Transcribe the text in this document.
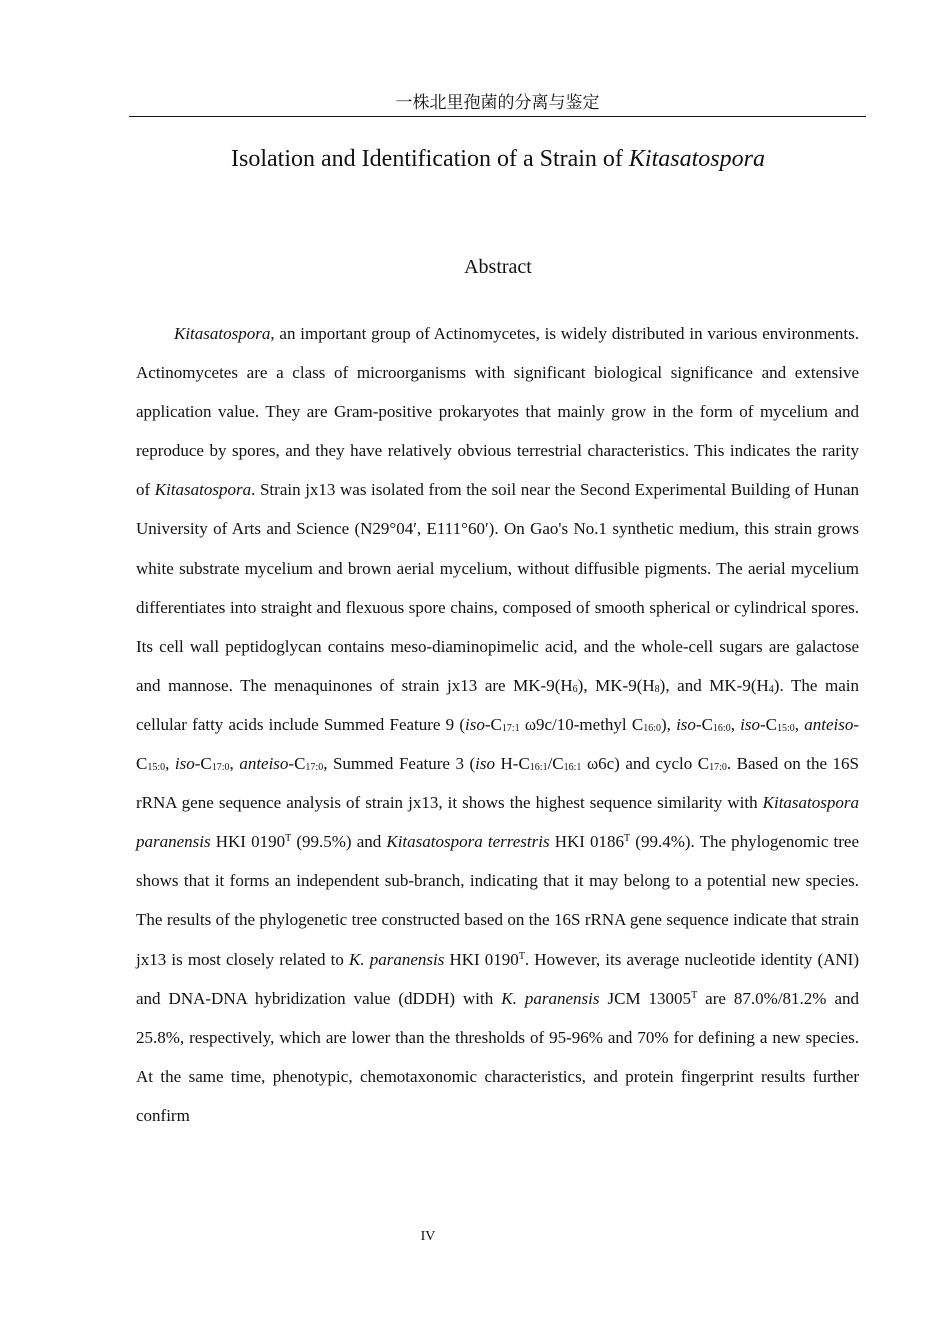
一株北里孢菌的分离与鉴定
Isolation and Identification of a Strain of Kitasatospora
Abstract

Kitasatospora, an important group of Actinomycetes, is widely distributed in various environments. Actinomycetes are a class of microorganisms with significant biological significance and extensive application value. They are Gram-positive prokaryotes that mainly grow in the form of mycelium and reproduce by spores, and they have relatively obvious terrestrial characteristics. This indicates the rarity of Kitasatospora. Strain jx13 was isolated from the soil near the Second Experimental Building of Hunan University of Arts and Science (N29°04′, E111°60′). On Gao's No.1 synthetic medium, this strain grows white substrate mycelium and brown aerial mycelium, without diffusible pigments. The aerial mycelium differentiates into straight and flexuous spore chains, composed of smooth spherical or cylindrical spores. Its cell wall peptidoglycan contains meso-diaminopimelic acid, and the whole-cell sugars are galactose and mannose. The menaquinones of strain jx13 are MK-9(H6), MK-9(H8), and MK-9(H4). The main cellular fatty acids include Summed Feature 9 (iso-C17:1 ω9c/10-methyl C16:0), iso-C16:0, iso-C15:0, anteiso-C15:0, iso-C17:0, anteiso-C17:0, Summed Feature 3 (iso H-C16:1/C16:1 ω6c) and cyclo C17:0. Based on the 16S rRNA gene sequence analysis of strain jx13, it shows the highest sequence similarity with Kitasatospora paranensis HKI $0190^T$ (99.5%) and Kitasatospora terrestris HKI $0186^T$ (99.4%). The phylogenomic tree shows that it forms an independent sub-branch, indicating that it may belong to a potential new species. The results of the phylogenetic tree constructed based on the 16S rRNA gene sequence indicate that strain jx13 is most closely related to K. paranensis HKI $0190^T$. However, its average nucleotide identity (ANI) and DNA-DNA hybridization value (dDDH) with K. paranensis JCM $13005^T$ are 87.0%/81.2% and 25.8%, respectively, which are lower than the thresholds of 95-96% and 70% for defining a new species. At the same time, phenotypic, chemotaxonomic characteristics, and protein fingerprint results further confirm

IV
